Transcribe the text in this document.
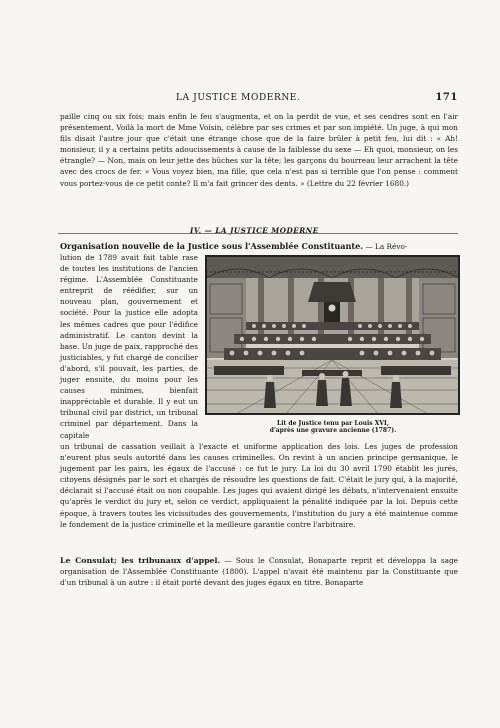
LA JUSTICE MODERNE.	171
paille cinq ou six fois; mais enfin le feu s'augmenta, et on la perdit de vue, et ses cendres sont en l'air présentement. Voilà la mort de Mme Voisin, célèbre par ses crimes et par son impiété. Un juge, à qui mon fils disait l'autre jour que c'était une étrange chose que de la faire brûler à petit feu, lui dit : « Ah! monsieur, il y a certains petits adoucissements à cause de la faiblesse du sexe — Eh quoi, monsieur, on les étrangle? — Non, mais on leur jette des bûches sur la tête; les garçons du bourreau leur arrachent la tête avec des crocs de fer. » Vous voyez bien, ma fille, que cela n'est pas si terrible que l'on pense : comment vous portez-vous de ce petit conte? Il m'a fait grincer des dents. » (Lettre du 22 février 1680.)
IV. — LA JUSTICE MODERNE
Organisation nouvelle de la Justice sous l'Assemblée Constituante. — La Révo-
lution de 1789 avait fait table rase de toutes les institutions de l'ancien régime. L'Assemblée Constituante entreprit de réédifier, sur un nouveau plan, gouvernement et société. Pour la justice elle adopta les mêmes cadres que pour l'édifice administratif. Le canton devint la base. Un juge de paix, rapproché des justiciables, y fut chargé de concilier d'abord, s'il pouvait, les parties, de juger ensuite, du moins pour les causes minimes, bienfait inappréciable et durable. Il y eut un tribunal civil par district, un tribunal criminel par département. Dans la capitale
Lit de Justice tenu par Louis XVI,
d'après une gravure ancienne (1787).
un tribunal de cassation veillait à l'exacte et uniforme application des lois. Les juges de profession n'eurent plus seuls autorité dans les causes criminelles. On revint à un ancien principe germanique, le jugement par les pairs, les égaux de l'accusé : ce fut le jury. La loi du 30 avril 1790 établit les jurés, citoyens désignés par le sort et chargés de résoudre les questions de fait. C'était le jury qui, à la majorité, déclarait si l'accusé était ou non coupable. Les juges qui avaient dirigé les débats, n'intervenaient ensuite qu'après le verdict du jury et, selon ce verdict, appliquaient la pénalité indiquée par la loi. Depuis cette époque, à travers toutes les vicissitudes des gouvernements, l'institution du jury a été maintenue comme le fondement de la justice criminelle et la meilleure garantie contre l'arbitraire.
Le Consulat; les tribunaux d'appel. — Sous le Consulat, Bonaparte reprit et développa la sage organisation de l'Assemblée Constituante (1800). L'appel n'avait été maintenu par la Constituante que d'un tribunal à un autre : il était porté devant des juges égaux en titre. Bonaparte
